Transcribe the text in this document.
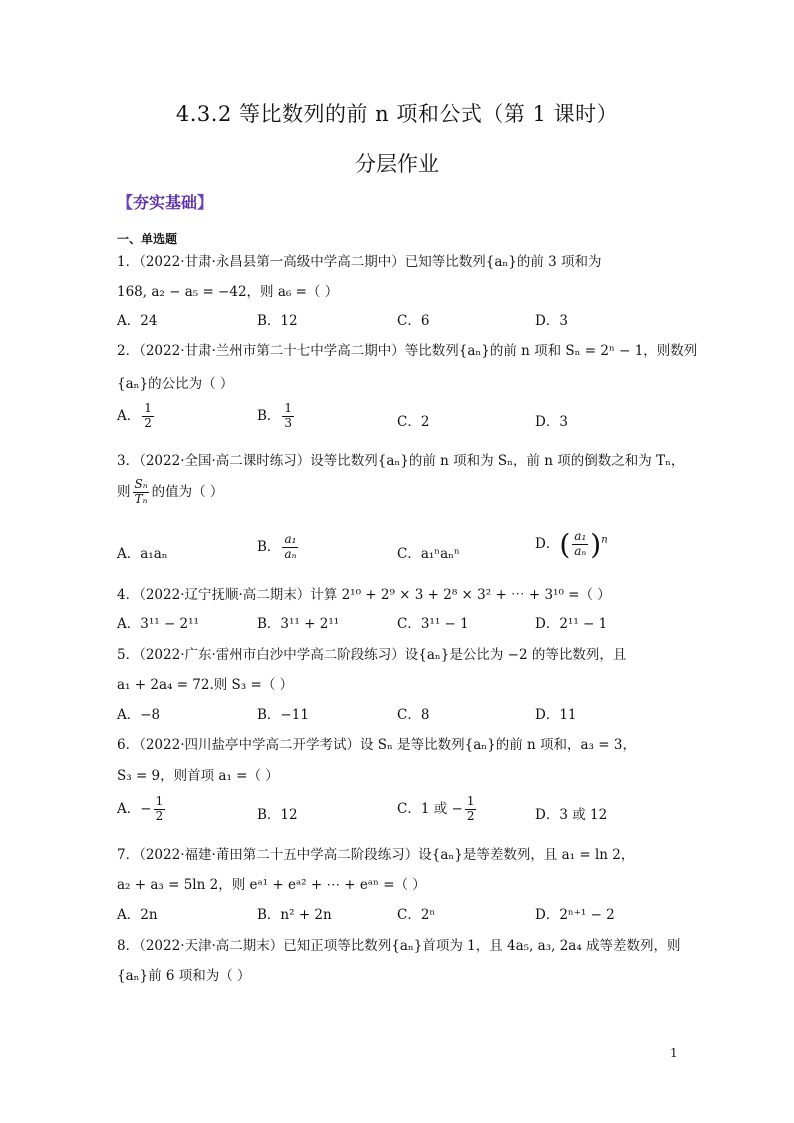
4.3.2 等比数列的前 n 项和公式（第 1 课时）
分层作业
【夯实基础】
一、单选题
1．（2022·甘肃·永昌县第一高级中学高二期中）已知等比数列{aₙ}的前 3 项和为
168, a₂ − a₅ = −42，则 a₆ =（ ）
A．24	B．12	C．6	D．3
2．（2022·甘肃·兰州市第二十七中学高二期中）等比数列{aₙ}的前 n 项和 Sₙ = 2ⁿ − 1，则数列
{aₙ}的公比为（ ）
A． $\frac{1}{2}$	B． $\frac{1}{3}$	C．2	D．3
3．（2022·全国·高二课时练习）设等比数列{aₙ}的前 n 项和为 Sₙ，前 n 项的倒数之和为 Tₙ，
则 $\frac{\text{Sₙ}}{\text{Tₙ}}$ 的值为（ ）
A．a₁aₙ	B． $\frac{\text{a₁}}{\text{aₙ}}$	C．a₁ⁿaₙⁿ
D．( $\frac{\text{a₁}}{\text{aₙ}} )^n$
4．（2022·辽宁抚顺·高二期末）计算 2¹⁰ + 2⁹ × 3 + 2⁸ × 3² + ⋯ + 3¹⁰ =（ ）
A．3¹¹ − 2¹¹	B．3¹¹ + 2¹¹	C．3¹¹ − 1	D．2¹¹ − 1
5．（2022·广东·雷州市白沙中学高二阶段练习）设{aₙ}是公比为 −2 的等比数列，且
a₁ + 2a₄ = 72.则 S₃ =（ ）
A．−8	B．−11	C．8	D．11
6．（2022·四川盐亭中学高二开学考试）设 Sₙ 是等比数列{aₙ}的前 n 项和，a₃ = 3，
S₃ = 9，则首项 a₁ =（ ）
A．− $\frac{1}{2}$	B．12	C．1 或 − $\frac{1}{2}$	D．3 或 12
7．（2022·福建·莆田第二十五中学高二阶段练习）设{aₙ}是等差数列，且 a₁ = ln 2，
a₂ + a₃ = 5ln 2，则 eᵃ¹ + eᵃ² + ⋯ + eᵃⁿ =（ ）
A．2n	B．n² + 2n	C．2ⁿ	D．2ⁿ⁺¹ − 2
8．（2022·天津·高二期末）已知正项等比数列{aₙ}首项为 1，且 4a₅, a₃, 2a₄ 成等差数列，则
{aₙ}前 6 项和为（ ）
1
